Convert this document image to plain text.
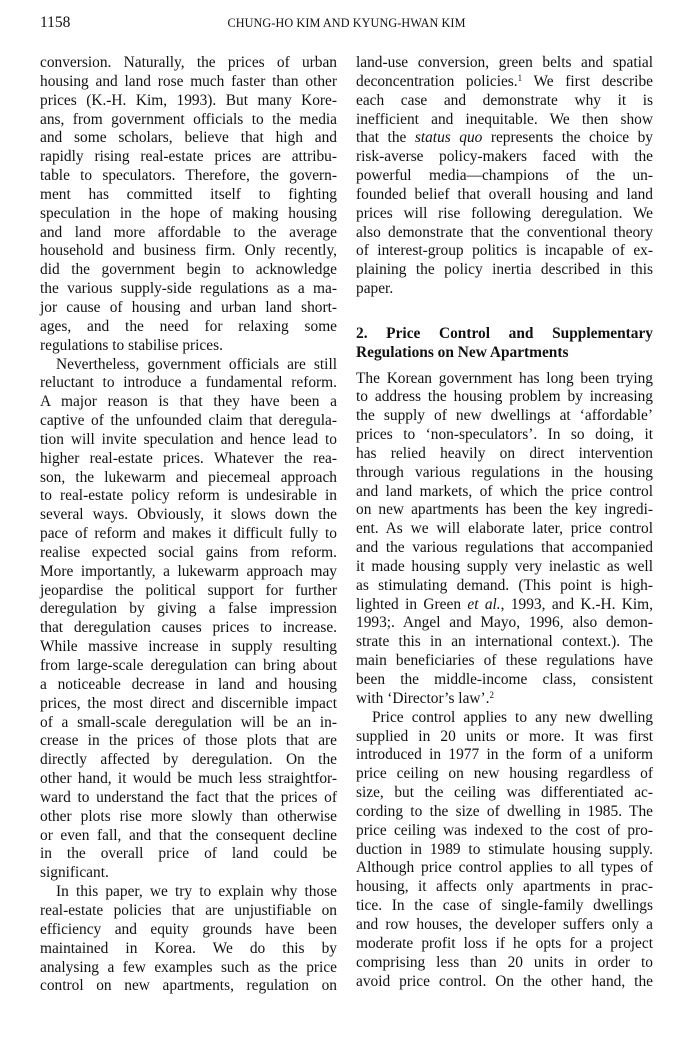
1158	CHUNG-HO KIM AND KYUNG-HWAN KIM
conversion. Naturally, the prices of urban
housing and land rose much faster than other
prices (K.-H. Kim, 1993). But many Kore-
ans, from government officials to the media
and some scholars, believe that high and
rapidly rising real-estate prices are attribu-
table to speculators. Therefore, the govern-
ment has committed itself to fighting
speculation in the hope of making housing
and land more affordable to the average
household and business firm. Only recently,
did the government begin to acknowledge
the various supply-side regulations as a ma-
jor cause of housing and urban land short-
ages, and the need for relaxing some
regulations to stabilise prices.
Nevertheless, government officials are still
reluctant to introduce a fundamental reform.
A major reason is that they have been a
captive of the unfounded claim that deregula-
tion will invite speculation and hence lead to
higher real-estate prices. Whatever the rea-
son, the lukewarm and piecemeal approach
to real-estate policy reform is undesirable in
several ways. Obviously, it slows down the
pace of reform and makes it difficult fully to
realise expected social gains from reform.
More importantly, a lukewarm approach may
jeopardise the political support for further
deregulation by giving a false impression
that deregulation causes prices to increase.
While massive increase in supply resulting
from large-scale deregulation can bring about
a noticeable decrease in land and housing
prices, the most direct and discernible impact
of a small-scale deregulation will be an in-
crease in the prices of those plots that are
directly affected by deregulation. On the
other hand, it would be much less straightfor-
ward to understand the fact that the prices of
other plots rise more slowly than otherwise
or even fall, and that the consequent decline
in the overall price of land could be
significant.
In this paper, we try to explain why those
real-estate policies that are unjustifiable on
efficiency and equity grounds have been
maintained in Korea. We do this by
analysing a few examples such as the price
control on new apartments, regulation on
land-use conversion, green belts and spatial
deconcentration policies.$^1$ We first describe
each case and demonstrate why it is
inefficient and inequitable. We then show
that the status quo represents the choice by
risk-averse policy-makers faced with the
powerful media—champions of the un-
founded belief that overall housing and land
prices will rise following deregulation. We
also demonstrate that the conventional theory
of interest-group politics is incapable of ex-
plaining the policy inertia described in this
paper.
2. Price Control and Supplementary
Regulations on New Apartments
The Korean government has long been trying
to address the housing problem by increasing
the supply of new dwellings at ‘affordable’
prices to ‘non-speculators’. In so doing, it
has relied heavily on direct intervention
through various regulations in the housing
and land markets, of which the price control
on new apartments has been the key ingredi-
ent. As we will elaborate later, price control
and the various regulations that accompanied
it made housing supply very inelastic as well
as stimulating demand. (This point is high-
lighted in Green et al., 1993, and K.-H. Kim,
1993;. Angel and Mayo, 1996, also demon-
strate this in an international context.). The
main beneficiaries of these regulations have
been the middle-income class, consistent
with ‘Director’s law’.$^2$
Price control applies to any new dwelling
supplied in 20 units or more. It was first
introduced in 1977 in the form of a uniform
price ceiling on new housing regardless of
size, but the ceiling was differentiated ac-
cording to the size of dwelling in 1985. The
price ceiling was indexed to the cost of pro-
duction in 1989 to stimulate housing supply.
Although price control applies to all types of
housing, it affects only apartments in prac-
tice. In the case of single-family dwellings
and row houses, the developer suffers only a
moderate profit loss if he opts for a project
comprising less than 20 units in order to
avoid price control. On the other hand, the
